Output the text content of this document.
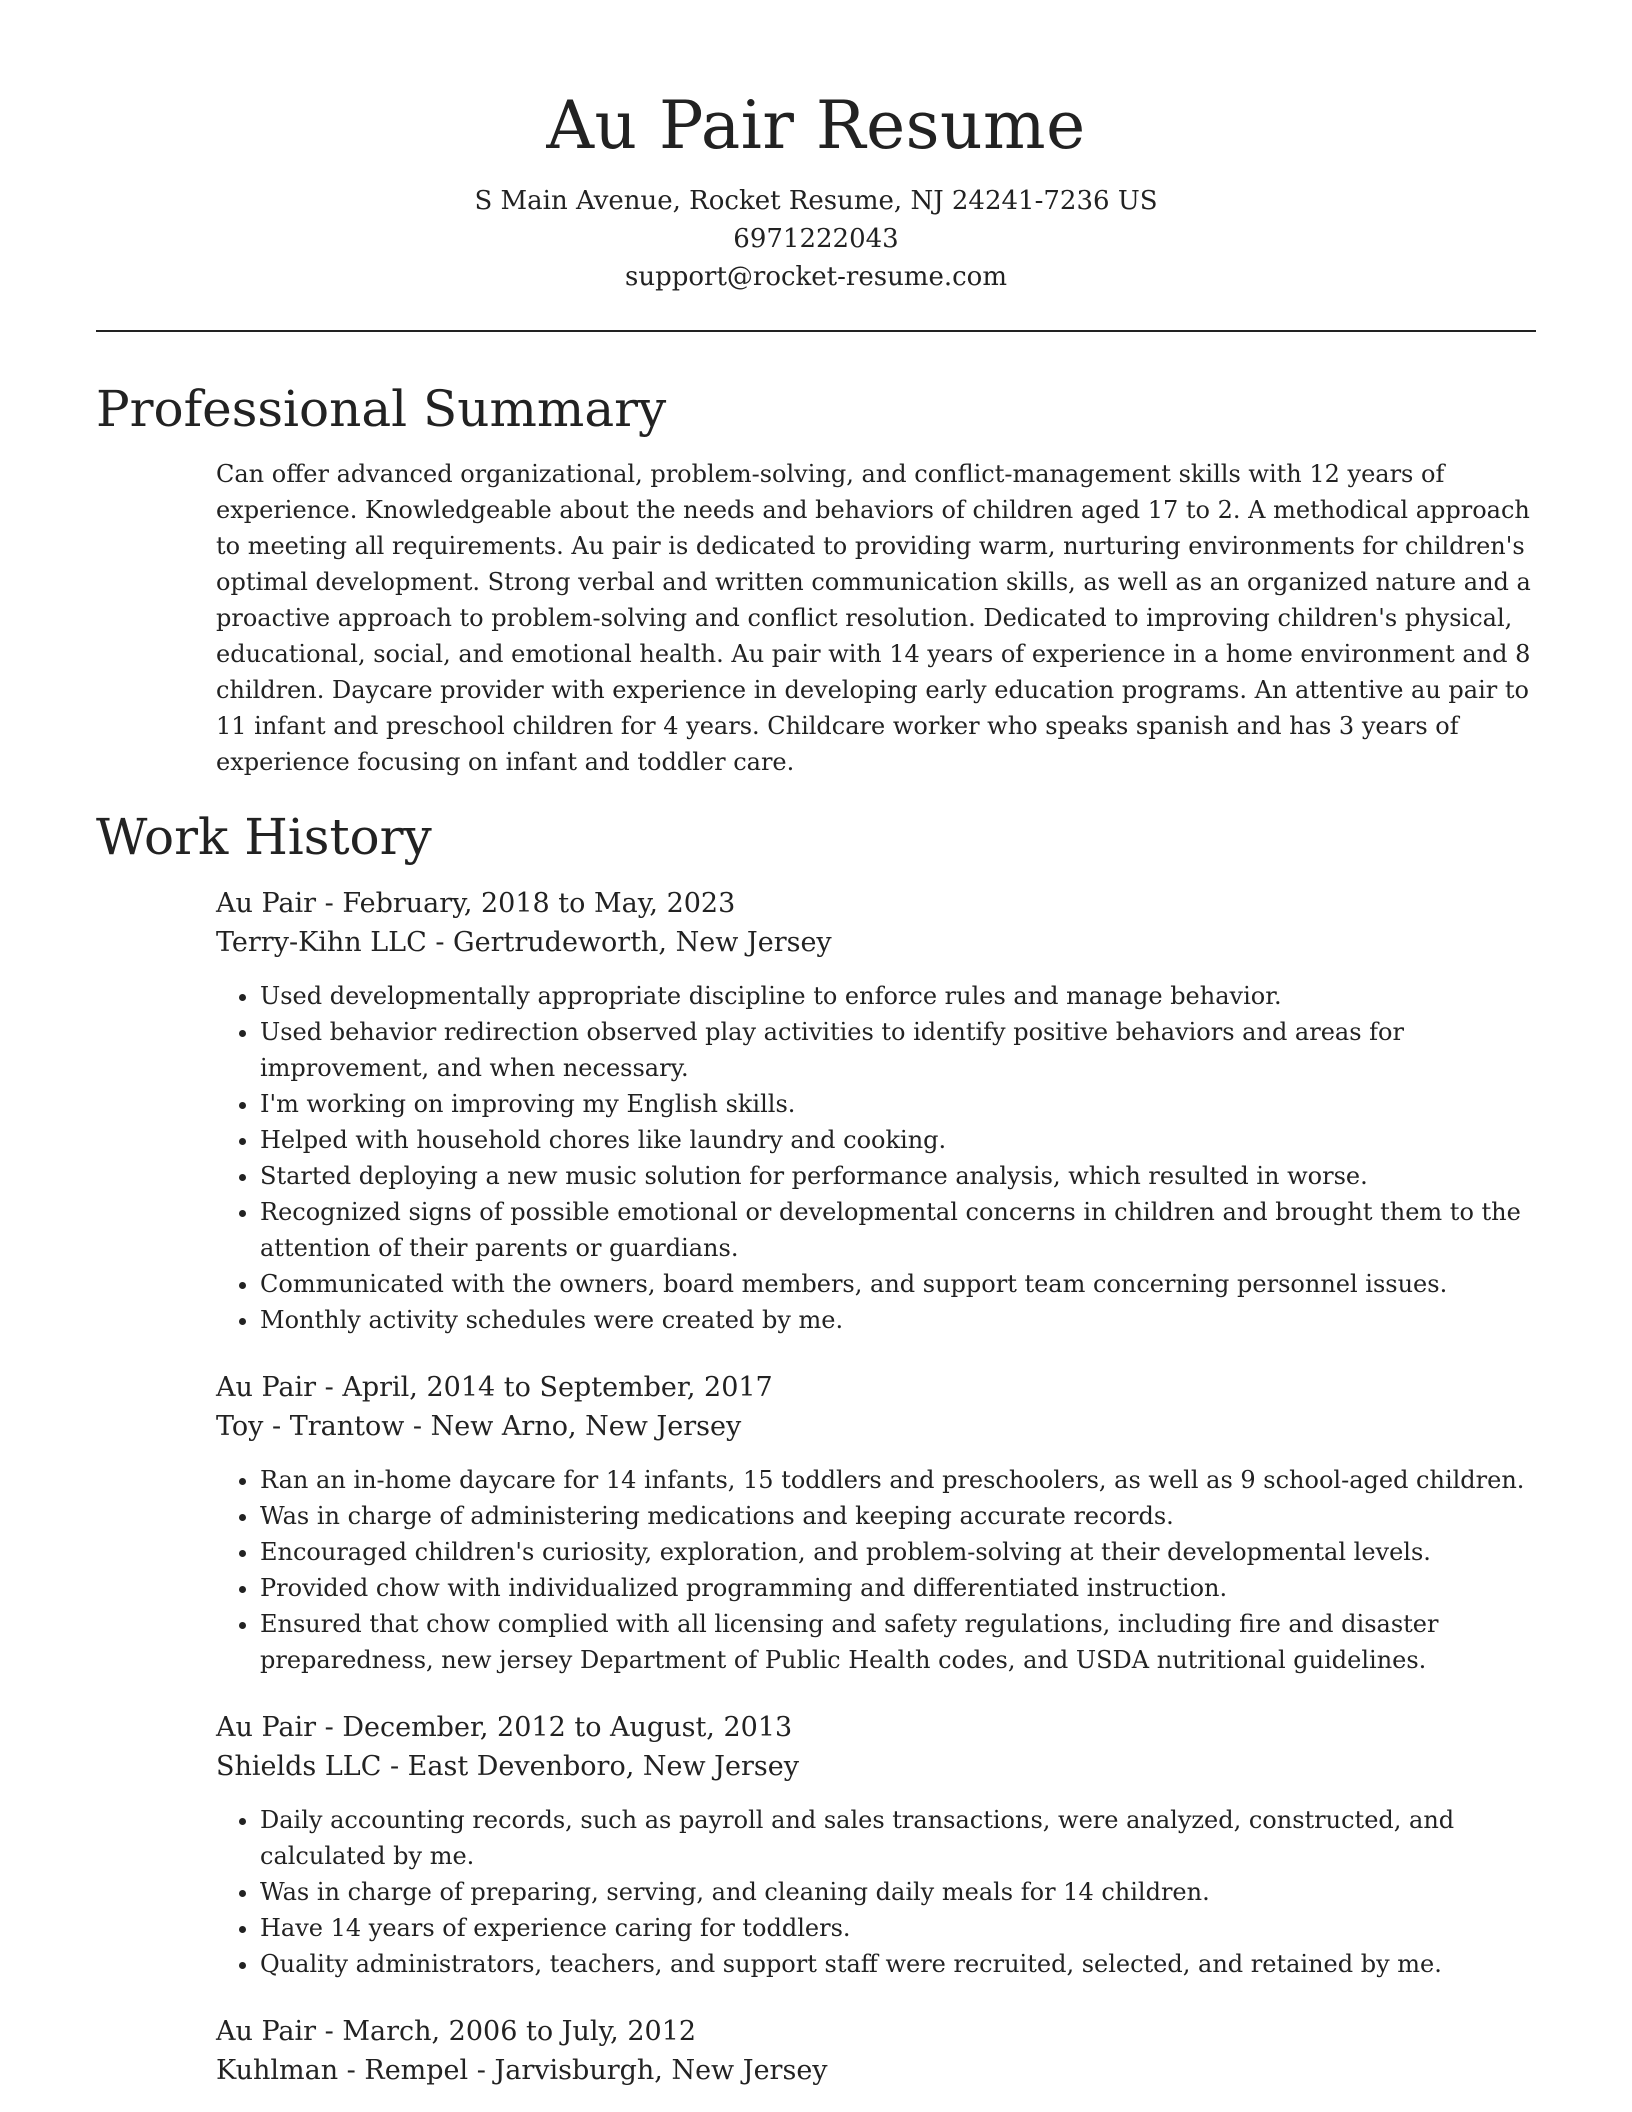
Au Pair Resume

S Main Avenue, Rocket Resume, NJ 24241-7236 US

6971222043

support@rocket-resume.com

Professional Summary

Can offer advanced organizational, problem-solving, and conflict-management skills with 12 years of experience. Knowledgeable about the needs and behaviors of children aged 17 to 2. A methodical approach to meeting all requirements. Au pair is dedicated to providing warm, nurturing environments for children's optimal development. Strong verbal and written communication skills, as well as an organized nature and a proactive approach to problem-solving and conflict resolution. Dedicated to improving children's physical, educational, social, and emotional health. Au pair with 14 years of experience in a home environment and 8 children. Daycare provider with experience in developing early education programs. An attentive au pair to 11 infant and preschool children for 4 years. Childcare worker who speaks spanish and has 3 years of experience focusing on infant and toddler care.

Work History

Au Pair - February, 2018 to May, 2023

Terry-Kihn LLC - Gertrudeworth, New Jersey

• Used developmentally appropriate discipline to enforce rules and manage behavior.
• Used behavior redirection observed play activities to identify positive behaviors and areas for improvement, and when necessary.
• I'm working on improving my English skills.
• Helped with household chores like laundry and cooking.
• Started deploying a new music solution for performance analysis, which resulted in worse.
• Recognized signs of possible emotional or developmental concerns in children and brought them to the attention of their parents or guardians.
• Communicated with the owners, board members, and support team concerning personnel issues.
• Monthly activity schedules were created by me.

Au Pair - April, 2014 to September, 2017

Toy - Trantow - New Arno, New Jersey

• Ran an in-home daycare for 14 infants, 15 toddlers and preschoolers, as well as 9 school-aged children.
• Was in charge of administering medications and keeping accurate records.
• Encouraged children's curiosity, exploration, and problem-solving at their developmental levels.
• Provided chow with individualized programming and differentiated instruction.
• Ensured that chow complied with all licensing and safety regulations, including fire and disaster preparedness, new jersey Department of Public Health codes, and USDA nutritional guidelines.

Au Pair - December, 2012 to August, 2013

Shields LLC - East Devenboro, New Jersey

• Daily accounting records, such as payroll and sales transactions, were analyzed, constructed, and calculated by me.
• Was in charge of preparing, serving, and cleaning daily meals for 14 children.
• Have 14 years of experience caring for toddlers.
• Quality administrators, teachers, and support staff were recruited, selected, and retained by me.

Au Pair - March, 2006 to July, 2012

Kuhlman - Rempel - Jarvisburgh, New Jersey
